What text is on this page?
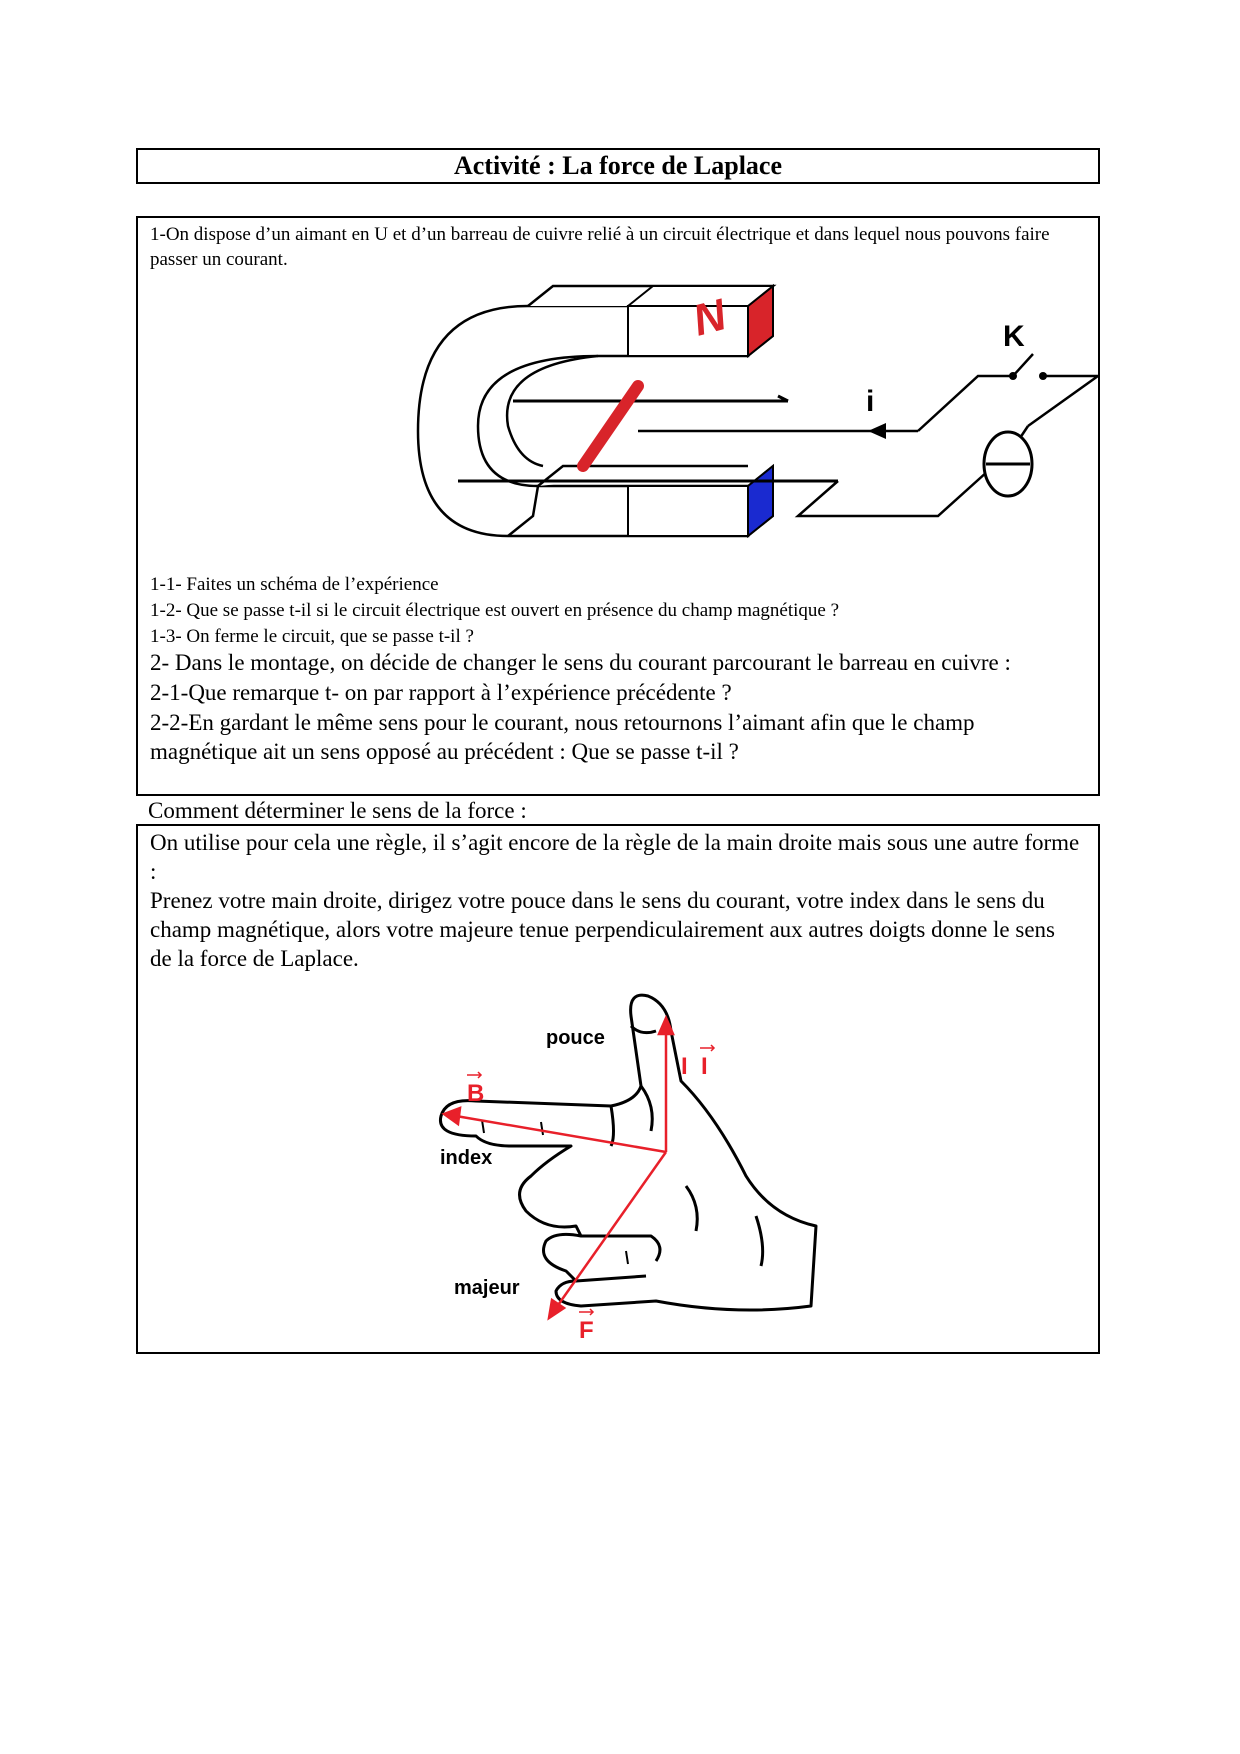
Activité : La force de Laplace

1-On dispose d’un aimant en U et d’un barreau de cuivre relié à un circuit électrique et dans lequel nous pouvons faire passer un courant.

N	K
i

1-1- Faites un schéma de l’expérience

1-2- Que se passe t-il si le circuit électrique est ouvert en présence du champ magnétique ?

1-3- On ferme le circuit, que se passe t-il ?

2- Dans le montage, on décide de changer le sens du courant parcourant le barreau en cuivre :

2-1-Que remarque t- on par rapport à l’expérience précédente ?

2-2-En gardant le même sens pour le courant, nous retournons l’aimant afin que le champ magnétique ait un sens opposé au précédent : Que se passe t-il ?

Comment déterminer le sens de la force :

On utilise pour cela une règle, il s’agit encore de la règle de la main droite mais sous une autre forme :
Prenez votre main droite, dirigez votre pouce dans le sens du courant, votre index dans le sens du champ magnétique, alors votre majeure tenue perpendiculairement aux autres doigts donne le sens de la force de Laplace.

pouce
index
majeur
I I
B
F
